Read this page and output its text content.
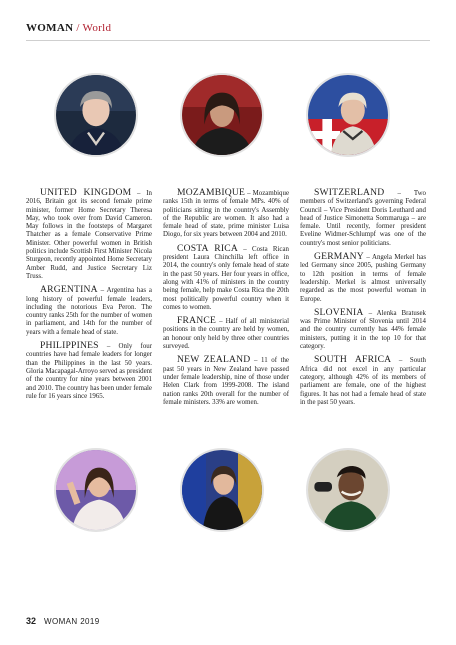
WOMAN / World

UNITED KINGDOM – In 2016, Britain got its second female prime minister, former Home Secretary Theresa May, who took over from David Cameron. May follows in the footsteps of Margaret Thatcher as a female Conservative Prime Minister. Other powerful women in British politics include Scottish First Minister Nicola Sturgeon, recently appointed Home Secretary Amber Rudd, and Justice Secretary Liz Truss.

ARGENTINA – Argentina has a long history of powerful female leaders, including the notorious Eva Peron. The country ranks 25th for the number of women in parliament, and 14th for the number of years with a female head of state.

PHILIPPINES – Only four countries have had female leaders for longer than the Philippines in the last 50 years. Gloria Macapagal-Arroyo served as president of the country for nine years between 2001 and 2010. The country has been under female rule for 16 years since 1965.

MOZAMBIQUE – Mozambique ranks 15th in terms of female MPs. 40% of politicians sitting in the country's Assembly of the Republic are women. It also had a female head of state, prime minister Luisa Diogo, for six years between 2004 and 2010.

COSTA RICA – Costa Rican president Laura Chinchilla left office in 2014, the country's only female head of state in the past 50 years. Her four years in office, along with 41% of ministers in the country being female, help make Costa Rica the 20th most politically powerful country when it comes to women.

FRANCE – Half of all ministerial positions in the country are held by women, an honour only held by three other countries surveyed.

NEW ZEALAND – 11 of the past 50 years in New Zealand have passed under female leadership, nine of those under Helen Clark from 1999-2008. The island nation ranks 20th overall for the number of female ministers. 33% are women.

SWITZERLAND – Two members of Switzerland's governing Federal Council – Vice President Doris Leuthard and head of Justice Simonetta Sommaruga – are female. Until recently, former president Eveline Widmer-Schlumpf was one of the country's most senior politicians.

GERMANY – Angela Merkel has led Germany since 2005, pushing Germany to 12th position in terms of female leadership. Merkel is almost universally regarded as the most powerful woman in Europe.

SLOVENIA – Alenka Bratusek was Prime Minister of Slovenia until 2014 and the country currently has 44% female ministers, putting it in the top 10 for that category.

SOUTH AFRICA – South Africa did not excel in any particular category, although 42% of its members of parliament are female, one of the highest figures. It has not had a female head of state in the past 50 years.

32 WOMAN 2019
